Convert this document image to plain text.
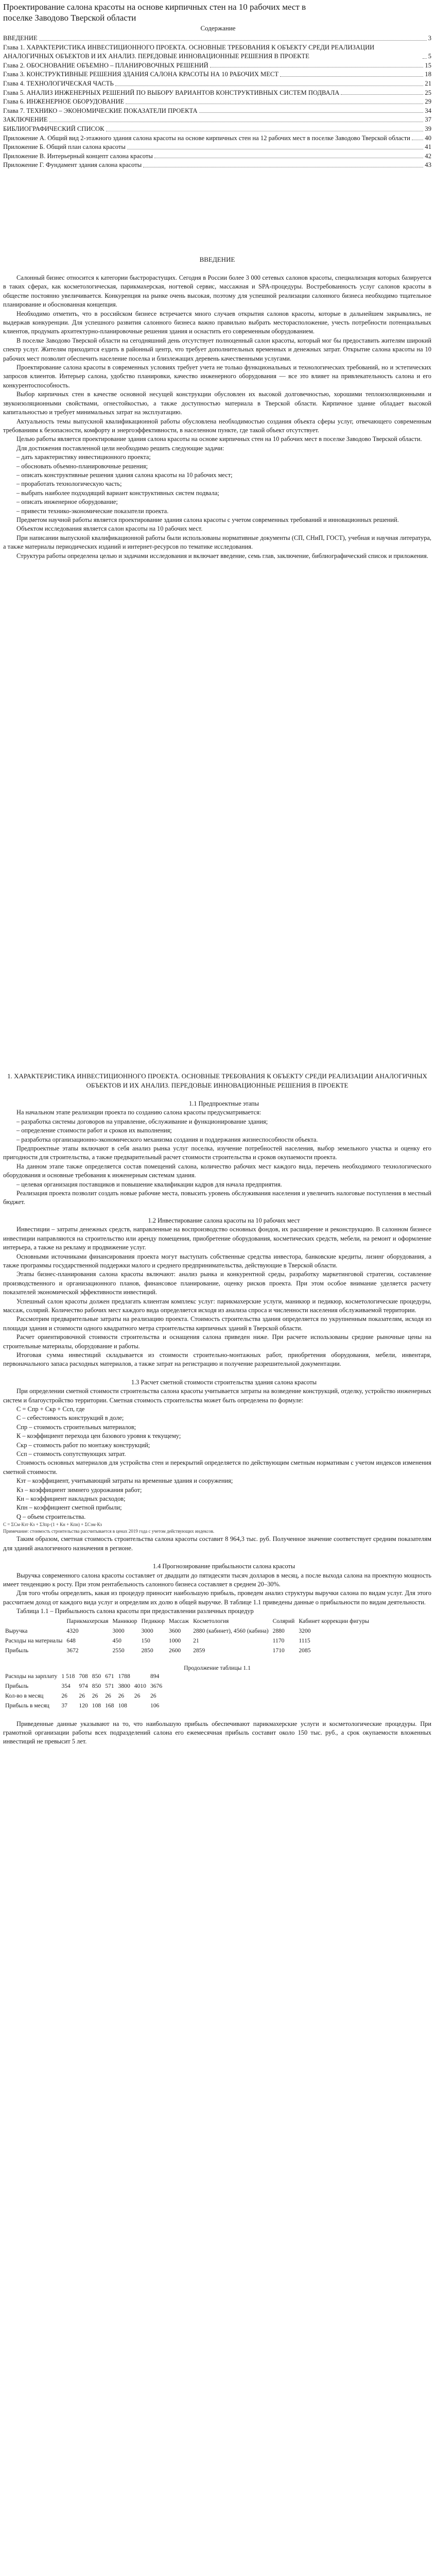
Проектирование салона красоты на основе кирпичных стен на 10 рабочих мест в поселке Заводово Тверской области
Содержание
ВВЕДЕНИЕ	3
Глава 1. ХАРАКТЕРИСТИКА ИНВЕСТИЦИОННОГО ПРОЕКТА. ОСНОВНЫЕ ТРЕБОВАНИЯ К ОБЪЕКТУ СРЕДИ РЕАЛИЗАЦИИ АНАЛОГИЧНЫХ ОБЪЕКТОВ И ИХ АНАЛИЗ. ПЕРЕДОВЫЕ ИННОВАЦИОННЫЕ РЕШЕНИЯ В ПРОЕКТЕ	5
Глава 2. ОБОСНОВАНИЕ ОБЪЕМНО – ПЛАНИРОВОЧНЫХ РЕШЕНИЙ	15
Глава 3. КОНСТРУКТИВНЫЕ РЕШЕНИЯ ЗДАНИЯ САЛОНА КРАСОТЫ НА 10 РАБОЧИХ МЕСТ	18
Глава 4. ТЕХНОЛОГИЧЕСКАЯ ЧАСТЬ	21
Глава 5. АНАЛИЗ ИНЖЕНЕРНЫХ РЕШЕНИЙ ПО ВЫБОРУ ВАРИАНТОВ КОНСТРУКТИВНЫХ СИСТЕМ ПОДВАЛА	25
Глава 6. ИНЖЕНЕРНОЕ ОБОРУДОВАНИЕ	29
Глава 7. ТЕХНИКО – ЭКОНОМИЧЕСКИЕ ПОКАЗАТЕЛИ ПРОЕКТА	34
ЗАКЛЮЧЕНИЕ	37
БИБЛИОГРАФИЧЕСКИЙ СПИСОК	39
Приложение А. Общий вид 2-этажного здания салона красоты на основе кирпичных стен на 12 рабочих мест в поселке Заводово Тверской области 40
Приложение Б. Общий план салона красоты	41
Приложение В. Интерьерный концепт салона красоты	42
Приложение Г. Фундамент здания салона красоты	43
ВВЕДЕНИЕ

Салонный бизнес относится к категории быстрорастущих. Сегодня в России более 3 000 сетевых салонов красоты, специализация которых базируется в таких сферах, как косметологическая, парикмахерская, ногтевой сервис, массажная и SPA-процедуры. Востребованность услуг салонов красоты в обществе постоянно увеличивается. Конкуренция на рынке очень высокая, поэтому для успешной реализации салонного бизнеса необходимо тщательное планирование и обоснованная концепция.

Необходимо отметить, что в российском бизнесе встречается много случаев открытия салонов красоты, которые в дальнейшем закрывались, не выдержав конкуренции. Для успешного развития салонного бизнеса важно правильно выбрать месторасположение, учесть потребности потенциальных клиентов, продумать архитектурно-планировочные решения здания и оснастить его современным оборудованием.

В поселке Заводово Тверской области на сегодняшний день отсутствует полноценный салон красоты, который мог бы предоставить жителям широкий спектр услуг. Жителям приходится ездить в районный центр, что требует дополнительных временных и денежных затрат. Открытие салона красоты на 10 рабочих мест позволит обеспечить население поселка и близлежащих деревень качественными услугами.

Проектирование салона красоты в современных условиях требует учета не только функциональных и технологических требований, но и эстетических запросов клиентов. Интерьер салона, удобство планировки, качество инженерного оборудования — все это влияет на привлекательность салона и его конкурентоспособность.

Выбор кирпичных стен в качестве основной несущей конструкции обусловлен их высокой долговечностью, хорошими теплоизоляционными и звукоизоляционными свойствами, огнестойкостью, а также доступностью материала в Тверской области. Кирпичное здание обладает высокой капитальностью и требует минимальных затрат на эксплуатацию.

Актуальность темы выпускной квалификационной работы обусловлена необходимостью создания объекта сферы услуг, отвечающего современным требованиям к безопасности, комфорту и энергоэффективности, в населенном пункте, где такой объект отсутствует.

Целью работы является проектирование здания салона красоты на основе кирпичных стен на 10 рабочих мест в поселке Заводово Тверской области.

Для достижения поставленной цели необходимо решить следующие задачи:

– дать характеристику инвестиционного проекта;

– обосновать объемно-планировочные решения;

– описать конструктивные решения здания салона красоты на 10 рабочих мест;

– проработать технологическую часть;

– выбрать наиболее подходящий вариант конструктивных систем подвала;

– описать инженерное оборудование;

– привести технико-экономические показатели проекта.

Предметом научной работы является проектирование здания салона красоты с учетом современных требований и инновационных решений.

Объектом исследования является салон красоты на 10 рабочих мест.

При написании выпускной квалификационной работы были использованы нормативные документы (СП, СНиП, ГОСТ), учебная и научная литература, а также материалы периодических изданий и интернет-ресурсов по тематике исследования.

Структура работы определена целью и задачами исследования и включает введение, семь глав, заключение, библиографический список и приложения.

1. ХАРАКТЕРИСТИКА ИНВЕСТИЦИОННОГО ПРОЕКТА. ОСНОВНЫЕ ТРЕБОВАНИЯ К ОБЪЕКТУ СРЕДИ РЕАЛИЗАЦИИ АНАЛОГИЧНЫХ ОБЪЕКТОВ И ИХ АНАЛИЗ. ПЕРЕДОВЫЕ ИННОВАЦИОННЫЕ РЕШЕНИЯ В ПРОЕКТЕ
1.1 Предпроектные этапы

На начальном этапе реализации проекта по созданию салона красоты предусматривается:

– разработка системы договоров на управление, обслуживание и функционирование здания;

– определение стоимости работ и сроков их выполнения;

– разработка организационно-экономического механизма создания и поддержания жизнеспособности объекта.

Предпроектные этапы включают в себя анализ рынка услуг поселка, изучение потребностей населения, выбор земельного участка и оценку его пригодности для строительства, а также предварительный расчет стоимости строительства и сроков окупаемости проекта.

На данном этапе также определяется состав помещений салона, количество рабочих мест каждого вида, перечень необходимого технологического оборудования и основные требования к инженерным системам здания.

– целевая организация поставщиков и повышение квалификации кадров для начала предприятия.

Реализация проекта позволит создать новые рабочие места, повысить уровень обслуживания населения и увеличить налоговые поступления в местный бюджет.

1.2 Инвестирование салона красоты на 10 рабочих мест

Инвестиции – затраты денежных средств, направленные на воспроизводство основных фондов, их расширение и реконструкцию. В салонном бизнесе инвестиции направляются на строительство или аренду помещения, приобретение оборудования, косметических средств, мебели, на ремонт и оформление интерьера, а также на рекламу и продвижение услуг.

Основными источниками финансирования проекта могут выступать собственные средства инвестора, банковские кредиты, лизинг оборудования, а также программы государственной поддержки малого и среднего предпринимательства, действующие в Тверской области.

Этапы бизнес-планирования салона красоты включают: анализ рынка и конкурентной среды, разработку маркетинговой стратегии, составление производственного и организационного планов, финансовое планирование, оценку рисков проекта. При этом особое внимание уделяется расчету показателей экономической эффективности инвестиций.

Успешный салон красоты должен предлагать клиентам комплекс услуг: парикмахерские услуги, маникюр и педикюр, косметологические процедуры, массаж, солярий. Количество рабочих мест каждого вида определяется исходя из анализа спроса и численности населения обслуживаемой территории.

Рассмотрим предварительные затраты на реализацию проекта. Стоимость строительства здания определяется по укрупненным показателям, исходя из площади здания и стоимости одного квадратного метра строительства кирпичных зданий в Тверской области.

Расчет ориентировочной стоимости строительства и оснащения салона приведен ниже. При расчете использованы средние рыночные цены на строительные материалы, оборудование и работы.

Итоговая сумма инвестиций складывается из стоимости строительно-монтажных работ, приобретения оборудования, мебели, инвентаря, первоначального запаса расходных материалов, а также затрат на регистрацию и получение разрешительной документации.

1.3 Расчет сметной стоимости строительства здания салона красоты

При определении сметной стоимости строительства салона красоты учитывается затраты на возведение конструкций, отделку, устройство инженерных систем и благоустройство территории. Сметная стоимость строительства может быть определена по формуле:

С = Спр + Скр + Ссп, где

С – себестоимость конструкций в доле;

Спр – стоимость строительных материалов;

К – коэффициент перехода цен базового уровня к текущему;

Скр – стоимость работ по монтажу конструкций;

Ссп – стоимость сопутствующих затрат.

Стоимость основных материалов для устройства стен и перекрытий определяется по действующим сметным нормативам с учетом индексов изменения сметной стоимости.

Кзт – коэффициент, учитывающий затраты на временные здания и сооружения;

Кз – коэффициент зимнего удорожания работ;

Кн – коэффициент накладных расходов;

Кпн – коэффициент сметной прибыли;

Q – объем строительства.

С = ΣСм·Кзт·Кз + ΣЗпр·(1 + Кн + Кпн) + ΣСэм·Кз
Примечание: стоимость строительства рассчитывается в ценах 2019 года с учетом действующих индексов.

Таким образом, сметная стоимость строительства салона красоты составит 8 964,3 тыс. руб. Полученное значение соответствует средним показателям для зданий аналогичного назначения в регионе.

1.4 Прогнозирование прибыльности салона красоты

Выручка современного салона красоты составляет от двадцати до пятидесяти тысяч долларов в месяц, а после выхода салона на проектную мощность имеет тенденцию к росту. При этом рентабельность салонного бизнеса составляет в среднем 20–30%.

Для того чтобы определить, какая из процедур приносит наибольшую прибыль, проведем анализ структуры выручки салона по видам услуг. Для этого рассчитаем доход от каждого вида услуг и определим их долю в общей выручке. В таблице 1.1 приведены данные о прибыльности по видам деятельности.

Таблица 1.1 – Прибыльность салона красоты при предоставлении различных процедур

	Парикмахерская	Маникюр	Педикюр	Массаж	Косметология	Солярий	Кабинет коррекции фигуры
Выручка	4320	3000	3000	3600	2880 (кабинет), 4560 (кабина)	2880	3200
Расходы на материалы	648	450	150	1000	21	1170	1115
Прибыль	3672	2550	2850	2600	2859	1710	2085
Продолжение таблицы 1.1
Расходы на зарплату	1 518	708	850	671	1788		894
Прибыль	354	974	850	571	3800	4010	3676
Кол-во в месяц	26	26	26	26	26	26	26
Прибыль в месяц	37	120	108	168	108		106

Приведенные данные указывают на то, что наибольшую прибыль обеспечивают парикмахерские услуги и косметологические процедуры. При грамотной организации работы всех подразделений салона его ежемесячная прибыль составит около 150 тыс. руб., а срок окупаемости вложенных инвестиций не превысит 5 лет.
